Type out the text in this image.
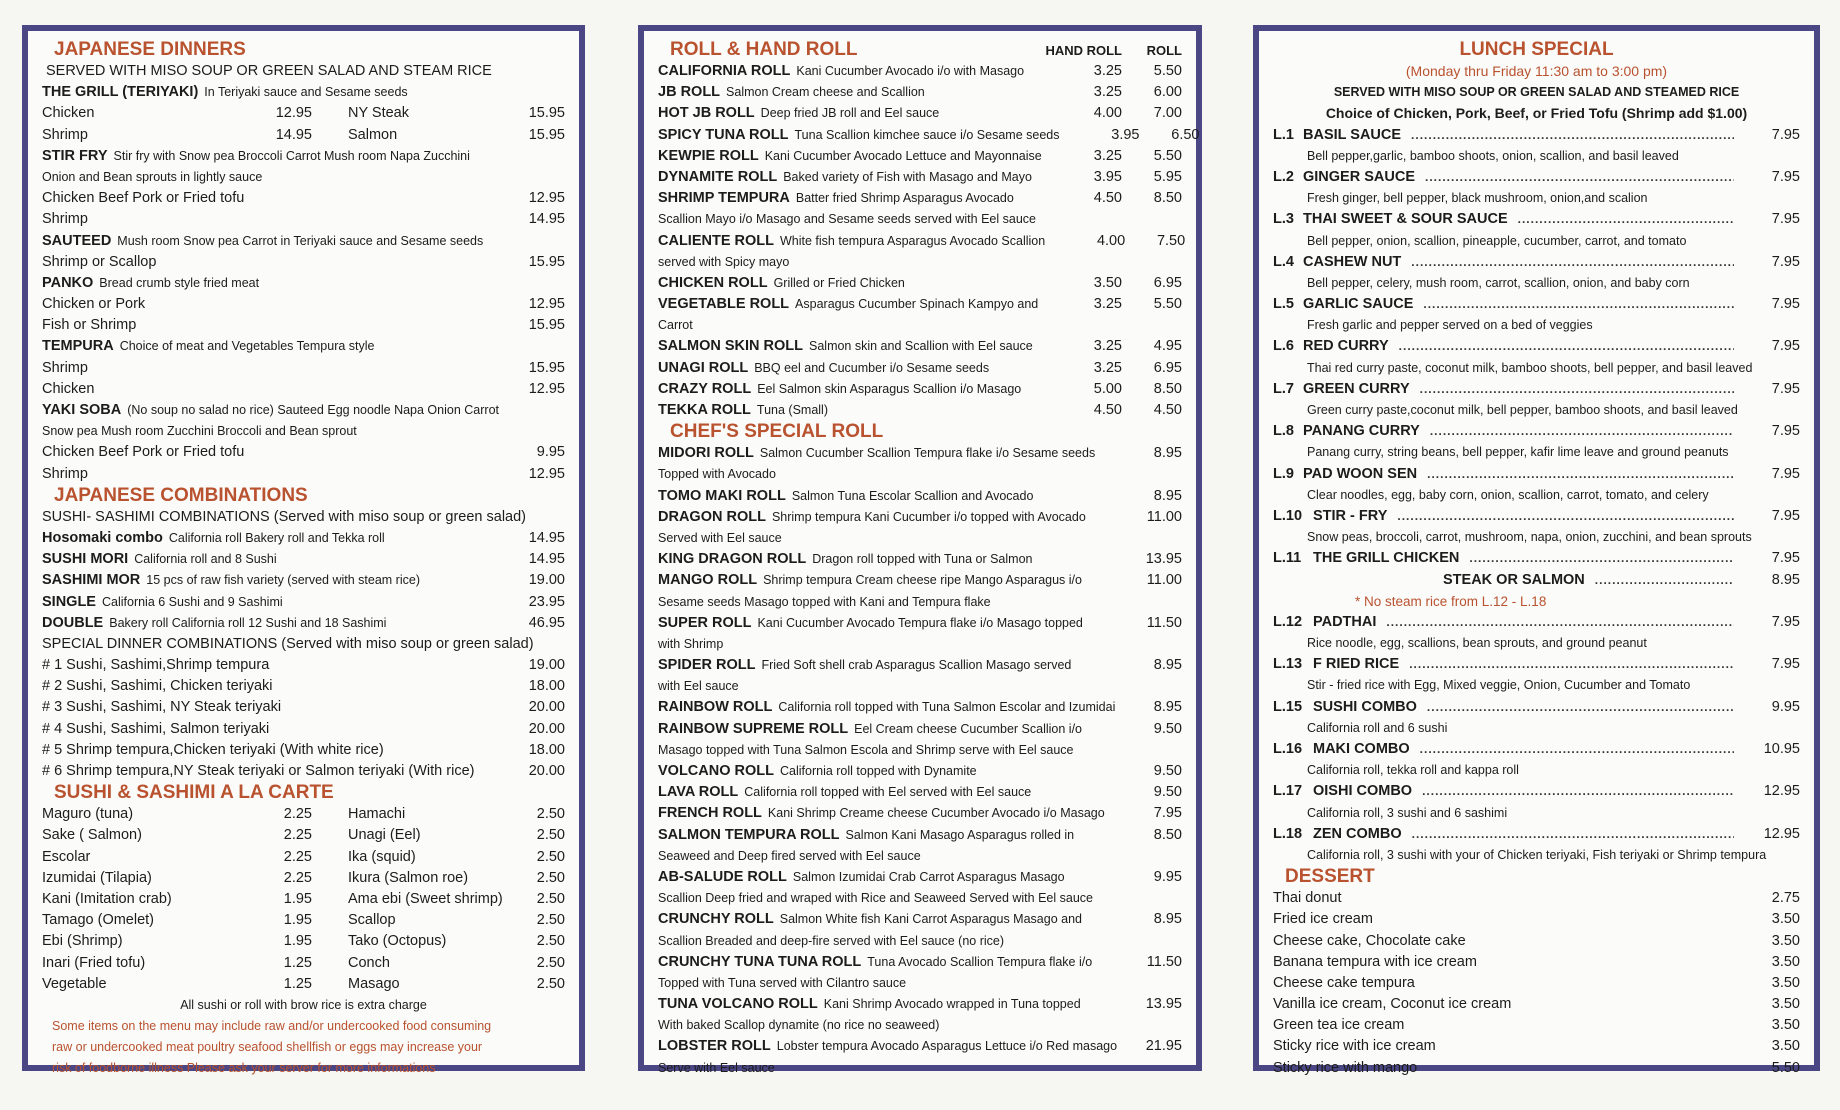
JAPANESE DINNERS
SERVED WITH MISO SOUP OR GREEN SALAD AND STEAM RICE
THE GRILL (TERIYAKI) In Teriyaki sauce and Sesame seeds
Chicken	12.95 NY Steak	15.95
Shrimp	14.95 Salmon	15.95
STIR FRY Stir fry with Snow pea Broccoli Carrot Mush room Napa Zucchini
Onion and Bean sprouts in lightly sauce
Chicken Beef Pork or Fried tofu	12.95
Shrimp	14.95
SAUTEED Mush room Snow pea Carrot in Teriyaki sauce and Sesame seeds
Shrimp or Scallop	15.95
PANKO Bread crumb style fried meat
Chicken or Pork	12.95
Fish or Shrimp	15.95
TEMPURA Choice of meat and Vegetables Tempura style
Shrimp	15.95
Chicken	12.95
YAKI SOBA (No soup no salad no rice) Sauteed Egg noodle Napa Onion Carrot
Snow pea Mush room Zucchini Broccoli and Bean sprout
Chicken Beef Pork or Fried tofu	9.95
Shrimp	12.95
JAPANESE COMBINATIONS
SUSHI- SASHIMI COMBINATIONS (Served with miso soup or green salad)
Hosomaki combo California roll Bakery roll and Tekka roll	14.95
SUSHI MORI California roll and 8 Sushi	14.95
SASHIMI MOR 15 pcs of raw fish variety (served with steam rice)	19.00
SINGLE California 6 Sushi and 9 Sashimi	23.95
DOUBLE Bakery roll California roll 12 Sushi and 18 Sashimi	46.95
SPECIAL DINNER COMBINATIONS (Served with miso soup or green salad)
# 1 Sushi, Sashimi,Shrimp tempura	19.00
# 2 Sushi, Sashimi, Chicken teriyaki	18.00
# 3 Sushi, Sashimi, NY Steak teriyaki	20.00
# 4 Sushi, Sashimi, Salmon teriyaki	20.00
# 5 Shrimp tempura,Chicken teriyaki (With white rice)	18.00
# 6 Shrimp tempura,NY Steak teriyaki or Salmon teriyaki (With rice)	20.00
SUSHI & SASHIMI A LA CARTE
Maguro (tuna)	2.25 Hamachi	2.50
Sake ( Salmon)	2.25 Unagi (Eel)	2.50
Escolar	2.25 Ika (squid)	2.50
Izumidai (Tilapia)	2.25 Ikura (Salmon roe)	2.50
Kani (Imitation crab)	1.95 Ama ebi (Sweet shrimp)	2.50
Tamago (Omelet)	1.95 Scallop	2.50
Ebi (Shrimp)	1.95 Tako (Octopus)	2.50
Inari (Fried tofu)	1.25 Conch	2.50
Vegetable	1.25 Masago	2.50
All sushi or roll with brow rice is extra charge
Some items on the menu may include raw and/or undercooked food consuming
raw or undercooked meat poultry seafood shellfish or eggs may increase your
risk of foodborne illness Please ask your server for more informations
ROLL & HAND ROLL	HAND ROLL ROLL
CALIFORNIA ROLL Kani Cucumber Avocado i/o with Masago	3.25	5.50
JB ROLL Salmon Cream cheese and Scallion	3.25	6.00
HOT JB ROLL Deep fried JB roll and Eel sauce	4.00	7.00
SPICY TUNA ROLL Tuna Scallion kimchee sauce i/o Sesame seeds	3.95	6.50
KEWPIE ROLL Kani Cucumber Avocado Lettuce and Mayonnaise	3.25	5.50
DYNAMITE ROLL Baked variety of Fish with Masago and Mayo	3.95	5.95
SHRIMP TEMPURA Batter fried Shrimp Asparagus Avocado	4.50	8.50
Scallion Mayo i/o Masago and Sesame seeds served with Eel sauce
CALIENTE ROLL White fish tempura Asparagus Avocado Scallion	4.00	7.50
served with Spicy mayo
CHICKEN ROLL Grilled or Fried Chicken	3.50	6.95
VEGETABLE ROLL Asparagus Cucumber Spinach Kampyo and	3.25	5.50
Carrot
SALMON SKIN ROLL Salmon skin and Scallion with Eel sauce	3.25	4.95
UNAGI ROLL BBQ eel and Cucumber i/o Sesame seeds	3.25	6.95
CRAZY ROLL Eel Salmon skin Asparagus Scallion i/o Masago	5.00	8.50
TEKKA ROLL Tuna (Small)	4.50	4.50
CHEF'S SPECIAL ROLL
MIDORI ROLL Salmon Cucumber Scallion Tempura flake i/o Sesame seeds	8.95
Topped with Avocado
TOMO MAKI ROLL Salmon Tuna Escolar Scallion and Avocado	8.95
DRAGON ROLL Shrimp tempura Kani Cucumber i/o topped with Avocado	11.00
Served with Eel sauce
KING DRAGON ROLL Dragon roll topped with Tuna or Salmon	13.95
MANGO ROLL Shrimp tempura Cream cheese ripe Mango Asparagus i/o	11.00
Sesame seeds Masago topped with Kani and Tempura flake
SUPER ROLL Kani Cucumber Avocado Tempura flake i/o Masago topped	11.50
with Shrimp
SPIDER ROLL Fried Soft shell crab Asparagus Scallion Masago served	8.95
with Eel sauce
RAINBOW ROLL California roll topped with Tuna Salmon Escolar and Izumidai	8.95
RAINBOW SUPREME ROLL Eel Cream cheese Cucumber Scallion i/o	9.50
Masago topped with Tuna Salmon Escola and Shrimp serve with Eel sauce
VOLCANO ROLL California roll topped with Dynamite	9.50
LAVA ROLL California roll topped with Eel served with Eel sauce	9.50
FRENCH ROLL Kani Shrimp Creame cheese Cucumber Avocado i/o Masago	7.95
SALMON TEMPURA ROLL Salmon Kani Masago Asparagus rolled in	8.50
Seaweed and Deep fired served with Eel sauce
AB-SALUDE ROLL Salmon Izumidai Crab Carrot Asparagus Masago	9.95
Scallion Deep fried and wraped with Rice and Seaweed Served with Eel sauce
CRUNCHY ROLL Salmon White fish Kani Carrot Asparagus Masago and	8.95
Scallion Breaded and deep-fire served with Eel sauce (no rice)
CRUNCHY TUNA TUNA ROLL Tuna Avocado Scallion Tempura flake i/o	11.50
Topped with Tuna served with Cilantro sauce
TUNA VOLCANO ROLL Kani Shrimp Avocado wrapped in Tuna topped	13.95
With baked Scallop dynamite (no rice no seaweed)
LOBSTER ROLL Lobster tempura Avocado Asparagus Lettuce i/o Red masago	21.95
Serve with Eel sauce
LUNCH SPECIAL
(Monday thru Friday 11:30 am to 3:00 pm)
SERVED WITH MISO SOUP OR GREEN SALAD AND STEAMED RICE
Choice of Chicken, Pork, Beef, or Fried Tofu (Shrimp add $1.00)
L.1 BASIL SAUCE .....	7.95
Bell pepper,garlic, bamboo shoots, onion, scallion, and basil leaved
L.2 GINGER SAUCE .....	7.95
Fresh ginger, bell pepper, black mushroom, onion,and scalion
L.3 THAI SWEET & SOUR SAUCE .....	7.95
Bell pepper, onion, scallion, pineapple, cucumber, carrot, and tomato
L.4 CASHEW NUT .....	7.95
Bell pepper, celery, mush room, carrot, scallion, onion, and baby corn
L.5 GARLIC SAUCE .....	7.95
Fresh garlic and pepper served on a bed of veggies
L.6 RED CURRY .....	7.95
Thai red curry paste, coconut milk, bamboo shoots, bell pepper, and basil leaved
L.7 GREEN CURRY .....	7.95
Green curry paste,coconut milk, bell pepper, bamboo shoots, and basil leaved
L.8 PANANG CURRY .....	7.95
Panang curry, string beans, bell pepper, kafir lime leave and ground peanuts
L.9 PAD WOON SEN .....	7.95
Clear noodles, egg, baby corn, onion, scallion, carrot, tomato, and celery
L.10 STIR - FRY .....	7.95
Snow peas, broccoli, carrot, mushroom, napa, onion, zucchini, and bean sprouts
L.11 THE GRILL CHICKEN .....	7.95
STEAK OR SALMON .....	8.95
* No steam rice from L.12 - L.18
L.12 PADTHAI .....	7.95
Rice noodle, egg, scallions, bean sprouts, and ground peanut
L.13 F RIED RICE .....	7.95
Stir - fried rice with Egg, Mixed veggie, Onion, Cucumber and Tomato
L.15 SUSHI COMBO .....	9.95
California roll and 6 sushi
L.16 MAKI COMBO .....	10.95
California roll, tekka roll and kappa roll
L.17 OISHI COMBO .....	12.95
California roll, 3 sushi and 6 sashimi
L.18 ZEN COMBO .....	12.95
California roll, 3 sushi with your of Chicken teriyaki, Fish teriyaki or Shrimp tempura
DESSERT
Thai donut	2.75
Fried ice cream	3.50
Cheese cake, Chocolate cake	3.50
Banana tempura with ice cream	3.50
Cheese cake tempura	3.50
Vanilla ice cream, Coconut ice cream	3.50
Green tea ice cream	3.50
Sticky rice with ice cream	3.50
Sticky rice with mango	5.50
